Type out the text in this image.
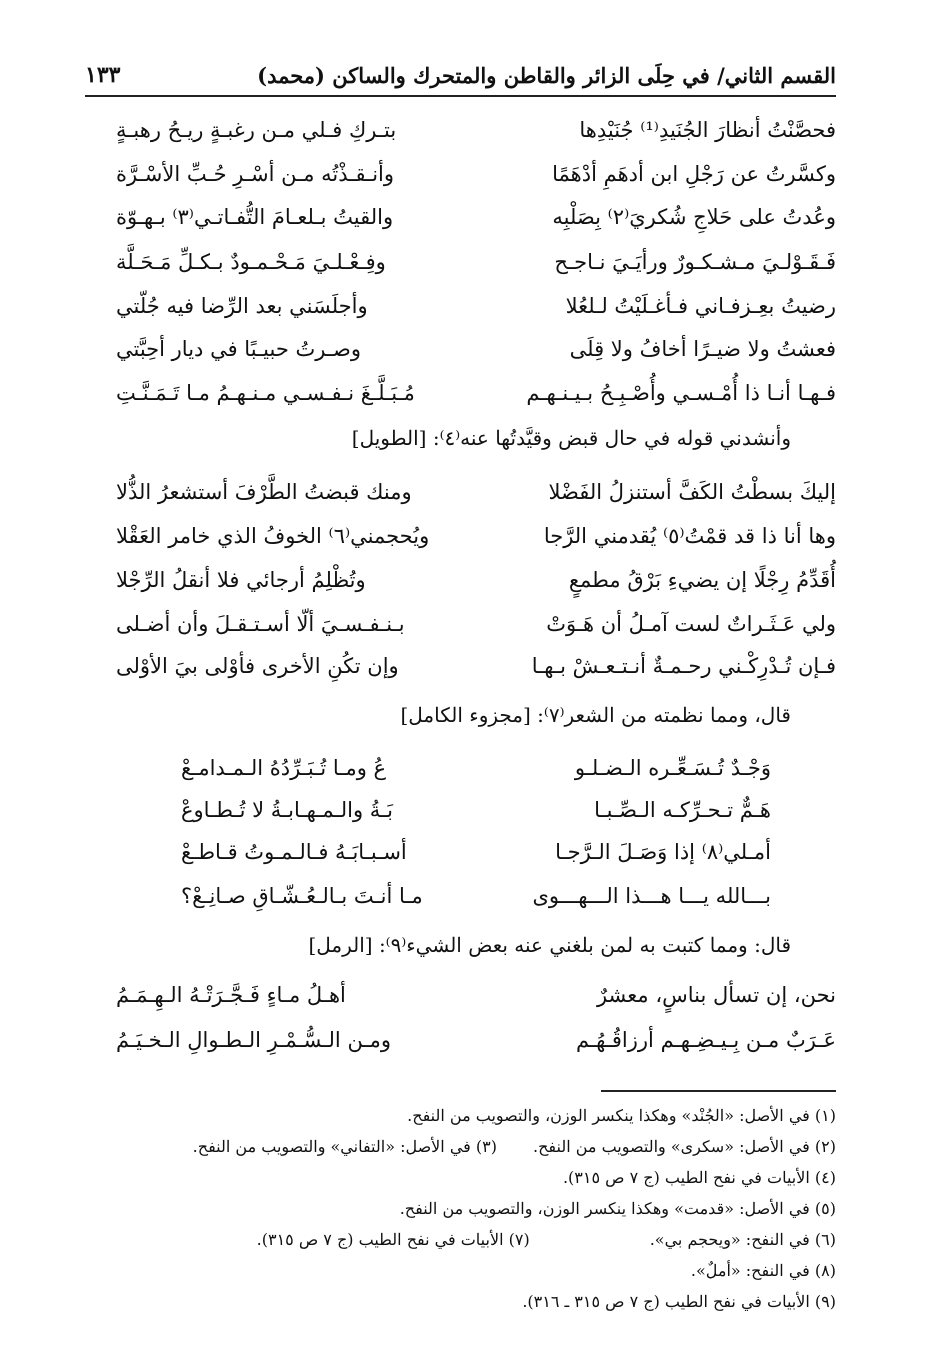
القسم الثاني/ في حِلَى الزائر والقاطن والمتحرك والساكن (محمد)
١٣٣
فحصَّنْتُ أنظارَ الجُنَيدِ⁽¹⁾ جُنَيْدِها
بتـركِ فـلي مـن رغبـةٍ ريـحُ رهبـةٍ
وكسَّرتُ عن رَجْلِ ابن أدهَمِ أدْهَمًا
وأنـقـذْتُه مـن أسْـرِ حُـبِّ الأسْـرَّة
وعُدتُ على حَلاجِ شُكريَ⁽٢⁾ بِصَلْبِه
والقيتُ بـلعـامَ التُّفـاتـي⁽٣⁾ بـهـوّة
فَـقَـوْلـيَ مـشـكـورٌ ورأيَـيَ نـاجـح
وفِـعْـلـيَ مَـحْـمـودٌ بـكـلِّ مَـحَـلَّة
رضيتُ بعِـزفـاني فـأغـلَيْتُ لـلعُلا
وأجلَسَني بعد الرِّضا فيه جُلّتي
فعشتُ ولا ضيـرًا أخافُ ولا قِلَى
وصـرتُ حبيـبًا في ديار أحِبَّتي
فـهـا أنـا ذا أُمْـسـي وأُصْـبِـحُ بـيـنـهـم
مُـبَـلَّـغَ نـفـسـي مـنـهـمُ مـا تَـمَـنَّـتِ
وأنشدني قوله في حال قبض وقيَّدتُها عنه⁽٤⁾: [الطويل]
إليكَ بسطْتُ الكَفَّ أستنزلُ الفَضْلا
ومنك قبضتُ الطَّرْفَ أستشعرُ الذُّلا
وها أنا ذا قد قمْتُ⁽٥⁾ يُقدمني الرَّجا
ويُحجمني⁽٦⁾ الخوفُ الذي خامر العَقْلا
أُقَدِّمُ رِجْلًا إن يضيءِ بَرْقُ مطمعٍ
وتُظْلِمُ أرجائي فلا أنقلُ الرِّجْلا
ولي عَـثَـراتٌ لست آمـلُ أن هَـوَتْ
بـنـفـسـيَ ألّا أسـتـقـلَ وأن أضـلى
فـإن تُـدْرِكْـني رحـمـةٌ أنـتـعـشْ بـهـا
وإن تكُنِ الأخرى فأوْلى بيَ الأوْلى
قال، ومما نظمته من الشعر⁽٧⁾: [مجزوء الكامل]
وَجْـدٌ تُـسَـعِّـره الـضـلـو
عُ ومـا تُـبَـرِّدُهُ الـمـدامـعْ
هَـمٌّ تـحـرِّكـه الـصِّـبـا
بَـةُ والـمـهـابـةُ لا تُـطـاوعْ
أمـلي⁽٨⁾ إذا وَصَـلَ الـرَّجـا
أسـبـابَـهُ فـالـمـوتُ قـاطـعْ
بـــالله يـــا هـــذا الـــهـــوى
مـا أنـتَ بـالـعُـشّـاقِ صـانِـعْ؟
قال: ومما كتبت به لمن بلغني عنه بعض الشيء⁽٩⁾: [الرمل]
نحن، إن تسأل بناسٍ، معشرٌ
أهـلُ مـاءٍ فَـجَّـرَتْـهُ الـهِـمَـمُ
عَـرَبٌ مـن بِـيـضِـهـم أرزاقُـهُـم
ومـن الـسُّـمْـرِ الـطـوالِ الـخـيَـمُ
(١) في الأصل: «الجُنْد» وهكذا ينكسر الوزن، والتصويب من النفح.
(٢) في الأصل: «سكرى» والتصويب من النفح.
(٣) في الأصل: «التفاني» والتصويب من النفح.
(٤) الأبيات في نفح الطيب (ج ٧ ص ٣١٥).
(٥) في الأصل: «قدمت» وهكذا ينكسر الوزن، والتصويب من النفح.
(٦) في النفح: «ويحجم بي».
(٧) الأبيات في نفح الطيب (ج ٧ ص ٣١٥).
(٨) في النفح: «أملٌ».
(٩) الأبيات في نفح الطيب (ج ٧ ص ٣١٥ ـ ٣١٦).
